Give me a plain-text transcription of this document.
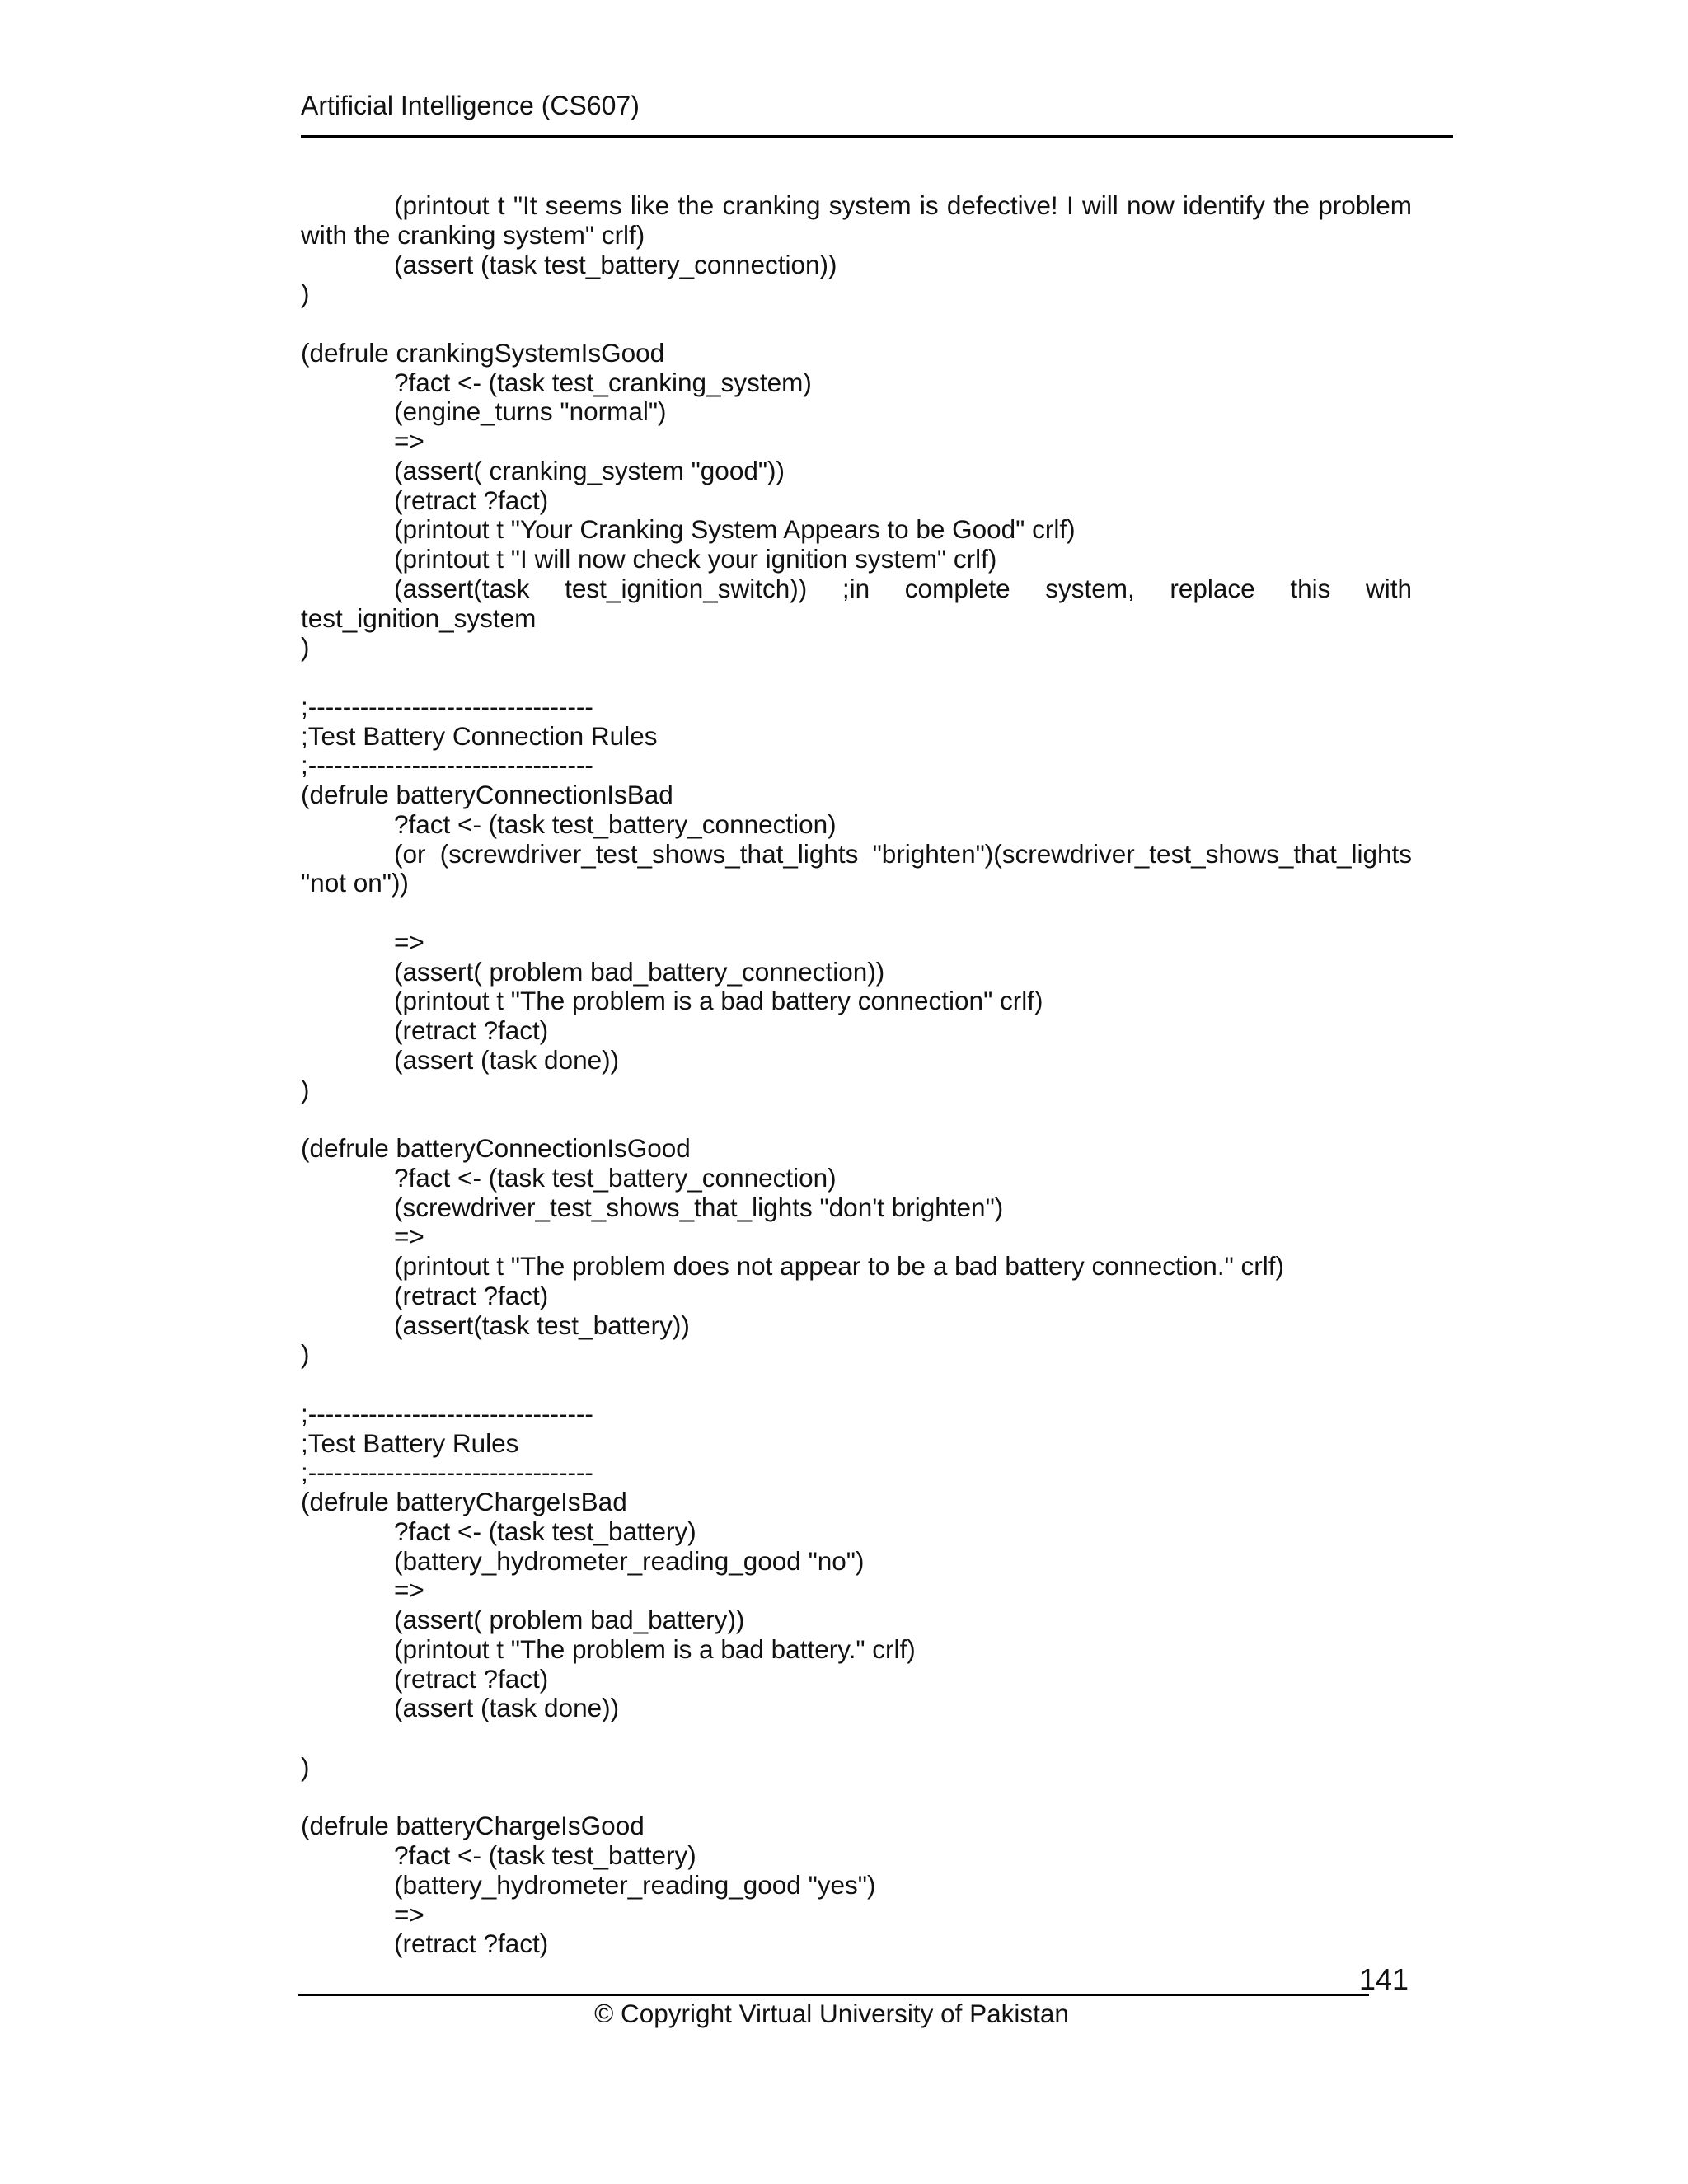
Artificial Intelligence (CS607)
(printout t "It seems like the cranking system is defective! I will now identify the problem
with the cranking system" crlf)
(assert (task test_battery_connection))
)
(defrule crankingSystemIsGood
?fact <- (task test_cranking_system)
(engine_turns "normal")
=>
(assert( cranking_system "good"))
(retract ?fact)
(printout t "Your Cranking System Appears to be Good" crlf)
(printout t "I will now check your ignition system" crlf)
(assert(task test_ignition_switch)) ;in complete system, replace this with
test_ignition_system
)
;---------------------------------
;Test Battery Connection Rules
;---------------------------------
(defrule batteryConnectionIsBad
?fact <- (task test_battery_connection)
(or (screwdriver_test_shows_that_lights "brighten")(screwdriver_test_shows_that_lights
"not on"))
=>
(assert( problem bad_battery_connection))
(printout t "The problem is a bad battery connection" crlf)
(retract ?fact)
(assert (task done))
)
(defrule batteryConnectionIsGood
?fact <- (task test_battery_connection)
(screwdriver_test_shows_that_lights "don't brighten")
=>
(printout t "The problem does not appear to be a bad battery connection." crlf)
(retract ?fact)
(assert(task test_battery))
)
;---------------------------------
;Test Battery Rules
;---------------------------------
(defrule batteryChargeIsBad
?fact <- (task test_battery)
(battery_hydrometer_reading_good "no")
=>
(assert( problem bad_battery))
(printout t "The problem is a bad battery." crlf)
(retract ?fact)
(assert (task done))
)
(defrule batteryChargeIsGood
?fact <- (task test_battery)
(battery_hydrometer_reading_good "yes")
=>
(retract ?fact)
141
© Copyright Virtual University of Pakistan
